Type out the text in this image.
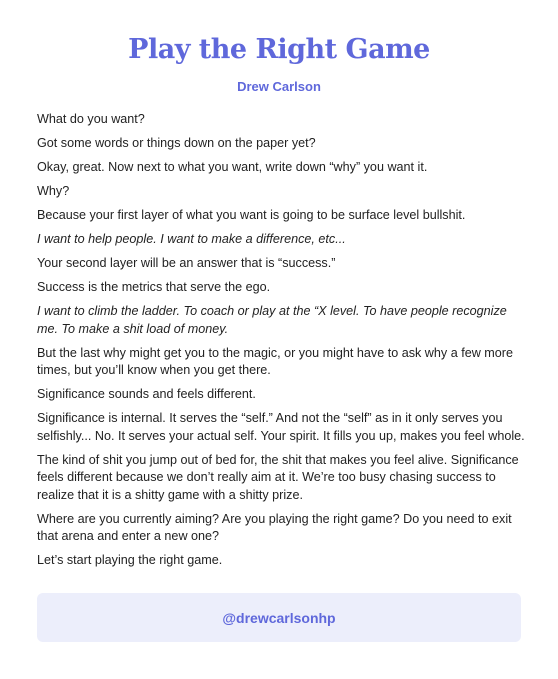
Play the Right Game
Drew Carlson

What do you want?

Got some words or things down on the paper yet?

Okay, great. Now next to what you want, write down “why” you want it.

Why?

Because your first layer of what you want is going to be surface level bullshit.

I want to help people. I want to make a difference, etc...

Your second layer will be an answer that is “success.”

Success is the metrics that serve the ego.

I want to climb the ladder. To coach or play at the “X level. To have people recognize me. To make a shit load of money.

But the last why might get you to the magic, or you might have to ask why a few more times, but you’ll know when you get there.

Significance sounds and feels different.

Significance is internal. It serves the “self.” And not the “self” as in it only serves you selfishly... No. It serves your actual self. Your spirit. It fills you up, makes you feel whole.

The kind of shit you jump out of bed for, the shit that makes you feel alive. Significance feels different because we don’t really aim at it. We’re too busy chasing success to realize that it is a shitty game with a shitty prize.

Where are you currently aiming? Are you playing the right game? Do you need to exit that arena and enter a new one?

Let’s start playing the right game.

@drewcarlsonhp
